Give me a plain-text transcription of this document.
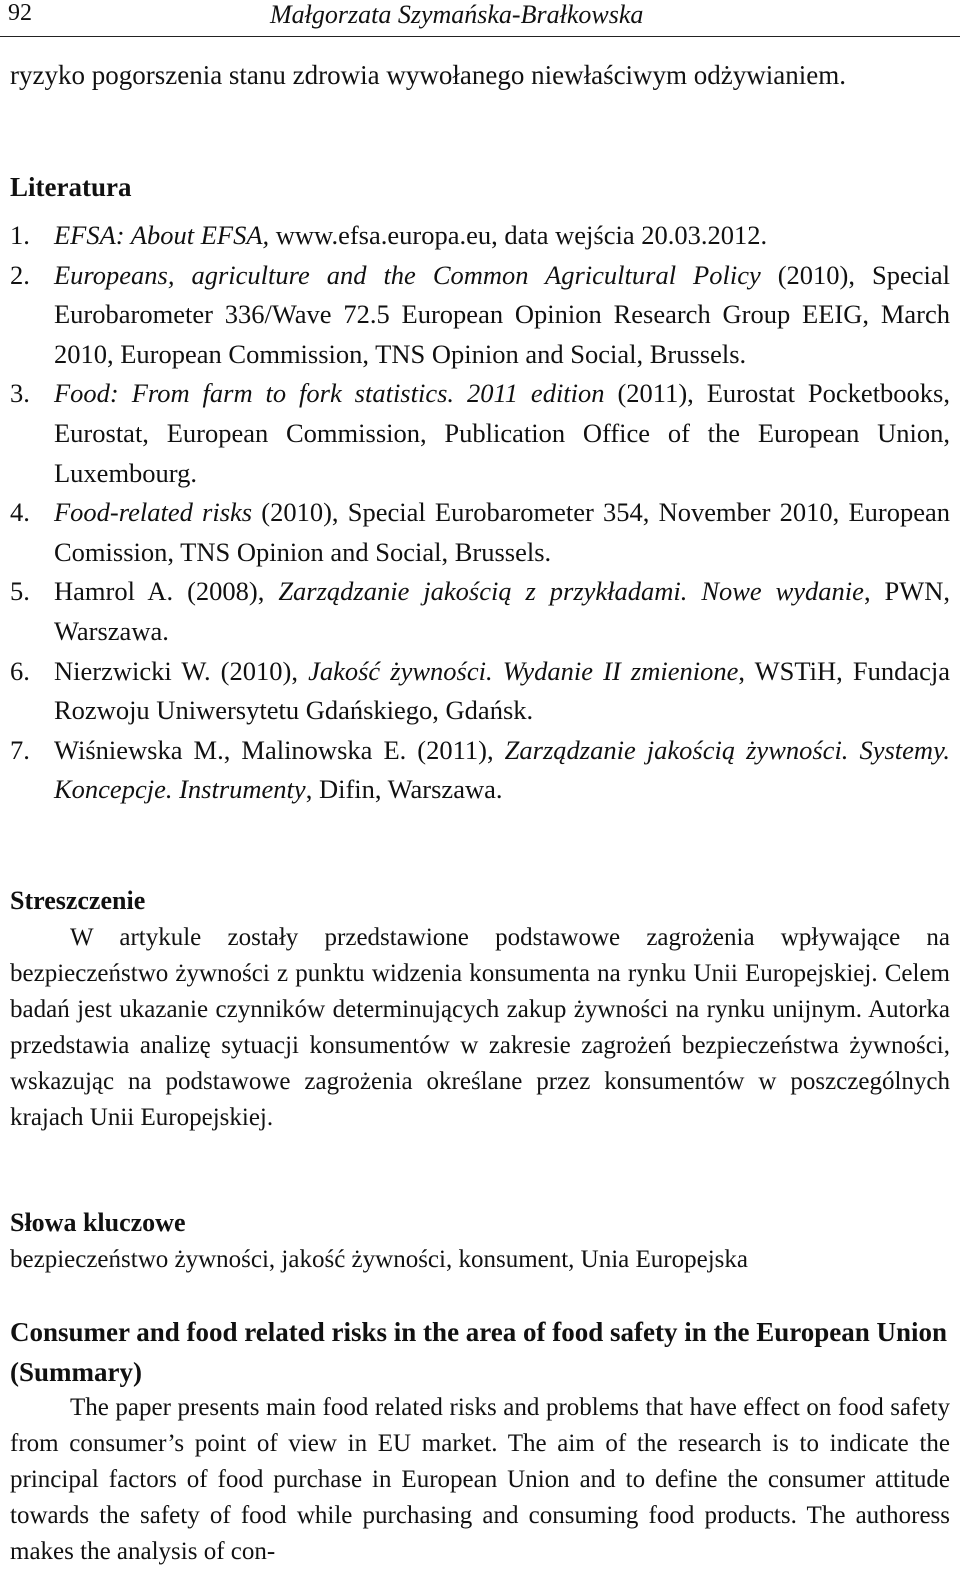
92	Małgorzata Szymańska-Brałkowska
ryzyko pogorszenia stanu zdrowia wywołanego niewłaściwym odżywianiem.
Literatura
1. EFSA: About EFSA, www.efsa.europa.eu, data wejścia 20.03.2012.
2. Europeans, agriculture and the Common Agricultural Policy (2010), Special Eurobarometer 336/Wave 72.5 European Opinion Research Group EEIG, March 2010, European Commission, TNS Opinion and Social, Brussels.
3. Food: From farm to fork statistics. 2011 edition (2011), Eurostat Pocketbooks, Eurostat, European Commission, Publication Office of the European Union, Luxembourg.
4. Food-related risks (2010), Special Eurobarometer 354, November 2010, European Comission, TNS Opinion and Social, Brussels.
5. Hamrol A. (2008), Zarządzanie jakością z przykładami. Nowe wydanie, PWN, Warszawa.
6. Nierzwicki W. (2010), Jakość żywności. Wydanie II zmienione, WSTiH, Fundacja Rozwoju Uniwersytetu Gdańskiego, Gdańsk.
7. Wiśniewska M., Malinowska E. (2011), Zarządzanie jakością żywności. Systemy. Koncepcje. Instrumenty, Difin, Warszawa.
Streszczenie
W artykule zostały przedstawione podstawowe zagrożenia wpływające na bezpieczeństwo żywności z punktu widzenia konsumenta na rynku Unii Europejskiej. Celem badań jest ukazanie czynników determinujących zakup żywności na rynku unijnym. Autorka przedstawia analizę sytuacji konsumentów w zakresie zagrożeń bezpieczeństwa żywności, wskazując na podstawowe zagrożenia określane przez konsumentów w poszczególnych krajach Unii Europejskiej.
Słowa kluczowe
bezpieczeństwo żywności, jakość żywności, konsument, Unia Europejska
Consumer and food related risks in the area of food safety in the European Union (Summary)
The paper presents main food related risks and problems that have effect on food safety from consumer’s point of view in EU market. The aim of the research is to indicate the principal factors of food purchase in European Union and to define the consumer attitude towards the safety of food while purchasing and consuming food products. The authoress makes the analysis of con-
